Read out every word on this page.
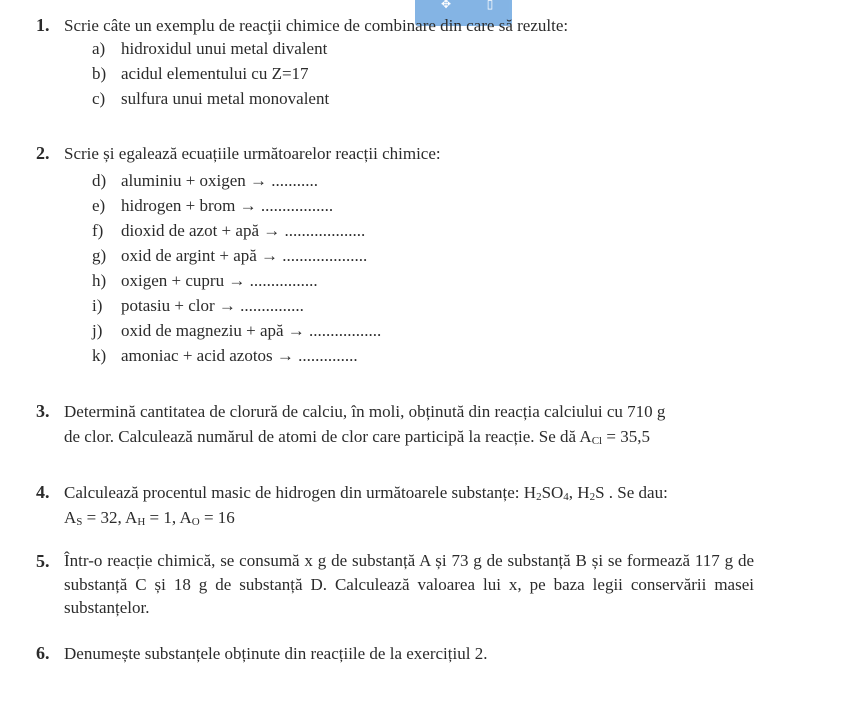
✥	▯
1. Scrie câte un exemplu de reacţii chimice de combinare din care să rezulte:
a) hidroxidul unui metal divalent
b) acidul elementului cu Z=17
c) sulfura unui metal monovalent
2. Scrie și egalează ecuațiile următoarelor reacții chimice:
d) aluminiu + oxigen → ...........
e) hidrogen + brom → .................
f) dioxid de azot + apă → ...................
g) oxid de argint + apă → ....................
h) oxigen + cupru → ................
i) potasiu + clor → ...............
j) oxid de magneziu + apă → .................
k) amoniac + acid azotos → ..............
3. Determină cantitatea de clorură de calciu, în moli, obținută din reacția calciului cu 710 g
de clor. Calculează numărul de atomi de clor care participă la reacție. Se dă $A_{Cl} = 35,5$
4. Calculează procentul masic de hidrogen din următoarele substanțe: $H_2SO_4$, $H_2S$ . Se dau:
$A_S = 32$, $A_H = 1$, $A_O = 16$
5. Într-o reacție chimică, se consumă x g de substanță A și 73 g de substanță B și se formează 117 g de substanță C și 18 g de substanță D. Calculează valoarea lui x, pe baza legii conservării masei substanțelor.
6. Denumește substanțele obținute din reacțiile de la exercițiul 2.
